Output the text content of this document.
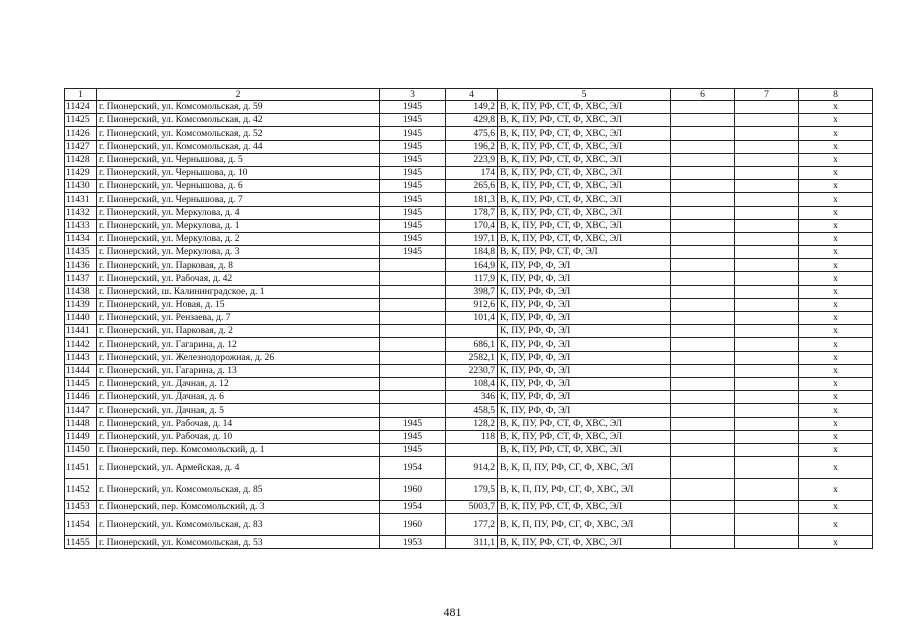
1	2	3	4	5	6	7	8
11424	г. Пионерский, ул. Комсомольская, д. 59	1945	149,2	В, К, ПУ, РФ, СТ, Ф, ХВС, ЭЛ			х
11425	г. Пионерский, ул. Комсомольская, д. 42	1945	429,8	В, К, ПУ, РФ, СТ, Ф, ХВС, ЭЛ			х
11426	г. Пионерский, ул. Комсомольская, д. 52	1945	475,6	В, К, ПУ, РФ, СТ, Ф, ХВС, ЭЛ			х
11427	г. Пионерский, ул. Комсомольская, д. 44	1945	196,2	В, К, ПУ, РФ, СТ, Ф, ХВС, ЭЛ			х
11428	г. Пионерский, ул. Чернышова, д. 5	1945	223,9	В, К, ПУ, РФ, СТ, Ф, ХВС, ЭЛ			х
11429	г. Пионерский, ул. Чернышова, д. 10	1945	174	В, К, ПУ, РФ, СТ, Ф, ХВС, ЭЛ			х
11430	г. Пионерский, ул. Чернышова, д. 6	1945	265,6	В, К, ПУ, РФ, СТ, Ф, ХВС, ЭЛ			х
11431	г. Пионерский, ул. Чернышова, д. 7	1945	181,3	В, К, ПУ, РФ, СТ, Ф, ХВС, ЭЛ			х
11432	г. Пионерский, ул. Меркулова, д. 4	1945	178,7	В, К, ПУ, РФ, СТ, Ф, ХВС, ЭЛ			х
11433	г. Пионерский, ул. Меркулова, д. 1	1945	170,4	В, К, ПУ, РФ, СТ, Ф, ХВС, ЭЛ			х
11434	г. Пионерский, ул. Меркулова, д. 2	1945	197,1	В, К, ПУ, РФ, СТ, Ф, ХВС, ЭЛ			х
11435	г. Пионерский, ул. Меркулова, д. 3	1945	184,8	В, К, ПУ, РФ, СТ, Ф, ЭЛ			х
11436	г. Пионерский, ул. Парковая, д. 8		164,9	К, ПУ, РФ, Ф, ЭЛ			х
11437	г. Пионерский, ул. Рабочая, д. 42		117,9	К, ПУ, РФ, Ф, ЭЛ			х
11438	г. Пионерский, ш. Калининградское, д. 1		398,7	К, ПУ, РФ, Ф, ЭЛ			х
11439	г. Пионерский, ул. Новая, д. 15		912,6	К, ПУ, РФ, Ф, ЭЛ			х
11440	г. Пионерский, ул. Рензаева, д. 7		101,4	К, ПУ, РФ, Ф, ЭЛ			х
11441	г. Пионерский, ул. Парковая, д. 2			К, ПУ, РФ, Ф, ЭЛ			х
11442	г. Пионерский, ул. Гагарина, д. 12		686,1	К, ПУ, РФ, Ф, ЭЛ			х
11443	г. Пионерский, ул. Железнодорожная, д. 26		2582,1	К, ПУ, РФ, Ф, ЭЛ			х
11444	г. Пионерский, ул. Гагарина, д. 13		2230,7	К, ПУ, РФ, Ф, ЭЛ			х
11445	г. Пионерский, ул. Дачная, д. 12		108,4	К, ПУ, РФ, Ф, ЭЛ			х
11446	г. Пионерский, ул. Дачная, д. 6		346	К, ПУ, РФ, Ф, ЭЛ			х
11447	г. Пионерский, ул. Дачная, д. 5		458,5	К, ПУ, РФ, Ф, ЭЛ			х
11448	г. Пионерский, ул. Рабочая, д. 14	1945	128,2	В, К, ПУ, РФ, СТ, Ф, ХВС, ЭЛ			х
11449	г. Пионерский, ул. Рабочая, д. 10	1945	118	В, К, ПУ, РФ, СТ, Ф, ХВС, ЭЛ			х
11450	г. Пионерский, пер. Комсомольский, д. 1	1945		В, К, ПУ, РФ, СТ, Ф, ХВС, ЭЛ			х
11451	г. Пионерский, ул. Армейская, д. 4	1954	914,2	В, К, П, ПУ, РФ, СГ, Ф, ХВС, ЭЛ			х
11452	г. Пионерский, ул. Комсомольская, д. 85	1960	179,5	В, К, П, ПУ, РФ, СГ, Ф, ХВС, ЭЛ			х
11453	г. Пионерский, пер. Комсомольский, д. 3	1954	5003,7	В, К, ПУ, РФ, СТ, Ф, ХВС, ЭЛ			х
11454	г. Пионерский, ул. Комсомольская, д. 83	1960	177,2	В, К, П, ПУ, РФ, СГ, Ф, ХВС, ЭЛ			х
11455	г. Пионерский, ул. Комсомольская, д. 53	1953	311,1	В, К, ПУ, РФ, СТ, Ф, ХВС, ЭЛ			х
481
